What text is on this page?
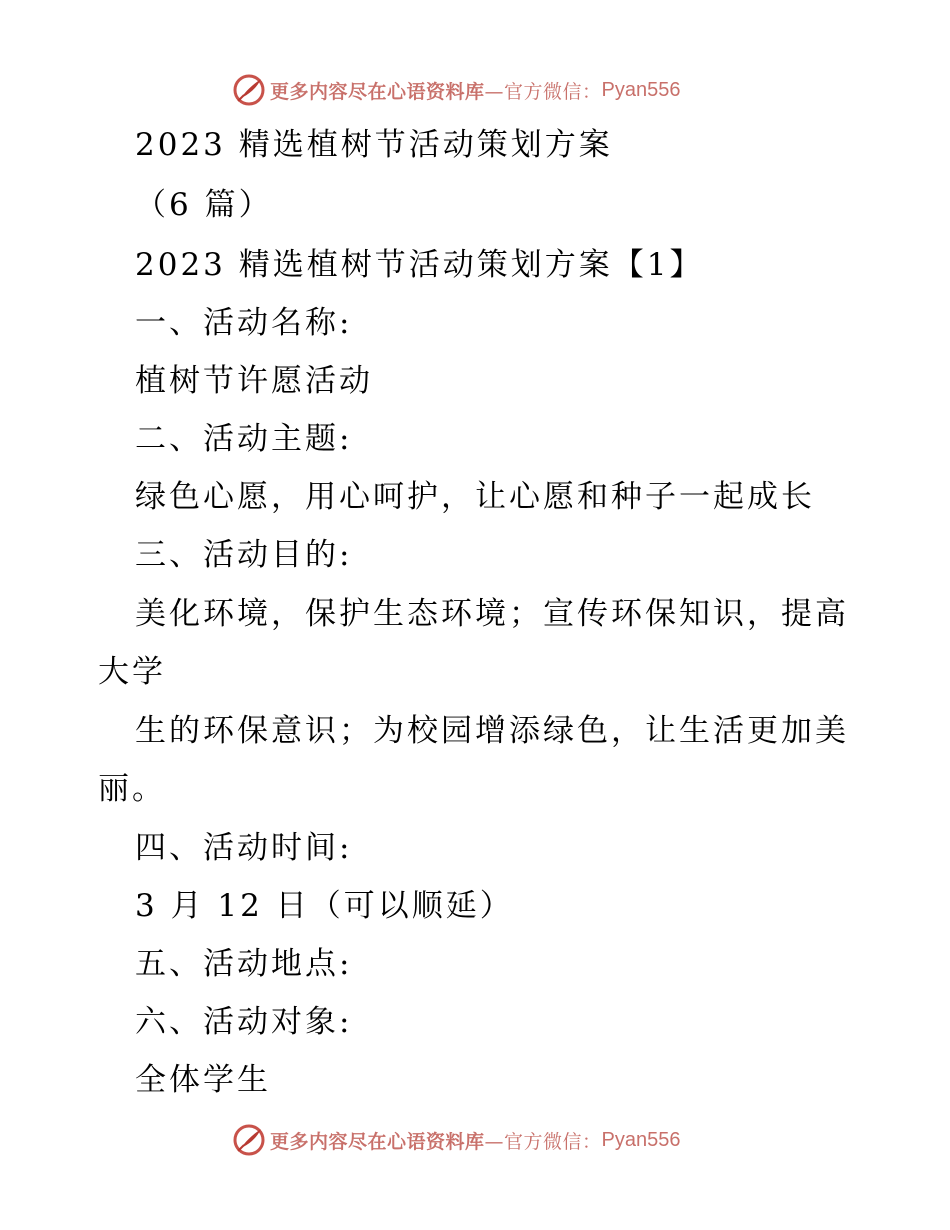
更多内容尽在心语资料库 —官方微信： Pyan556
2023 精选植树节活动策划方案
（6 篇）
2023 精选植树节活动策划方案【1】
一、活动名称:
植树节许愿活动
二、活动主题:
绿色心愿，用心呵护，让心愿和种子一起成长
三、活动目的:
美化环境，保护生态环境；宣传环保知识，提高
大学
生的环保意识；为校园增添绿色，让生活更加美
丽。
四、活动时间:
3 月 12 日（可以顺延）
五、活动地点:
六、活动对象:
全体学生
更多内容尽在心语资料库 —官方微信： Pyan556
